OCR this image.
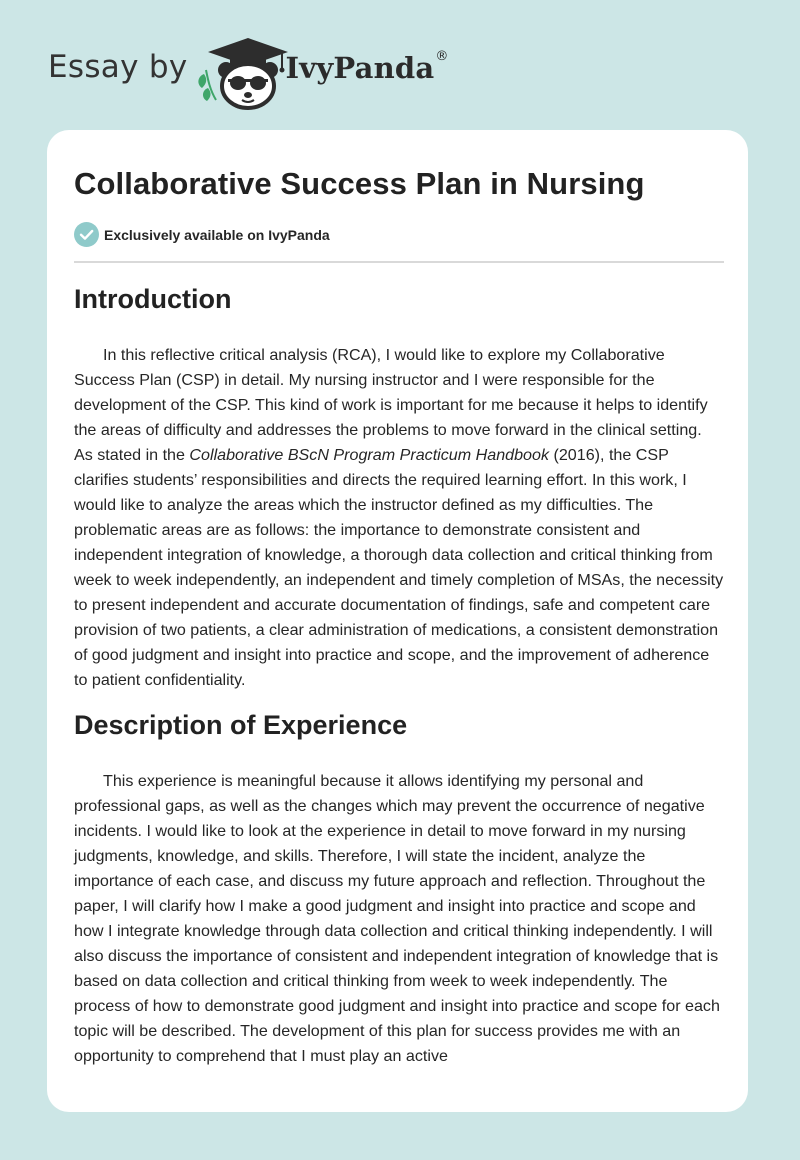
Essay by	IvyPanda ®
Collaborative Success Plan in Nursing
Exclusively available on IvyPanda
Introduction

In this reflective critical analysis (RCA), I would like to explore my Collaborative Success Plan (CSP) in detail. My nursing instructor and I were responsible for the development of the CSP. This kind of work is important for me because it helps to identify the areas of difficulty and addresses the problems to move forward in the clinical setting. As stated in the Collaborative BScN Program Practicum Handbook (2016), the CSP clarifies students’ responsibilities and directs the required learning effort. In this work, I would like to analyze the areas which the instructor defined as my difficulties. The problematic areas are as follows: the importance to demonstrate consistent and independent integration of knowledge, a thorough data collection and critical thinking from week to week independently, an independent and timely completion of MSAs, the necessity to present independent and accurate documentation of findings, safe and competent care provision of two patients, a clear administration of medications, a consistent demonstration of good judgment and insight into practice and scope, and the improvement of adherence to patient confidentiality.

Description of Experience

This experience is meaningful because it allows identifying my personal and professional gaps, as well as the changes which may prevent the occurrence of negative incidents. I would like to look at the experience in detail to move forward in my nursing judgments, knowledge, and skills. Therefore, I will state the incident, analyze the importance of each case, and discuss my future approach and reflection. Throughout the paper, I will clarify how I make a good judgment and insight into practice and scope and how I integrate knowledge through data collection and critical thinking independently. I will also discuss the importance of consistent and independent integration of knowledge that is based on data collection and critical thinking from week to week independently. The process of how to demonstrate good judgment and insight into practice and scope for each topic will be described. The development of this plan for success provides me with an opportunity to comprehend that I must play an active
